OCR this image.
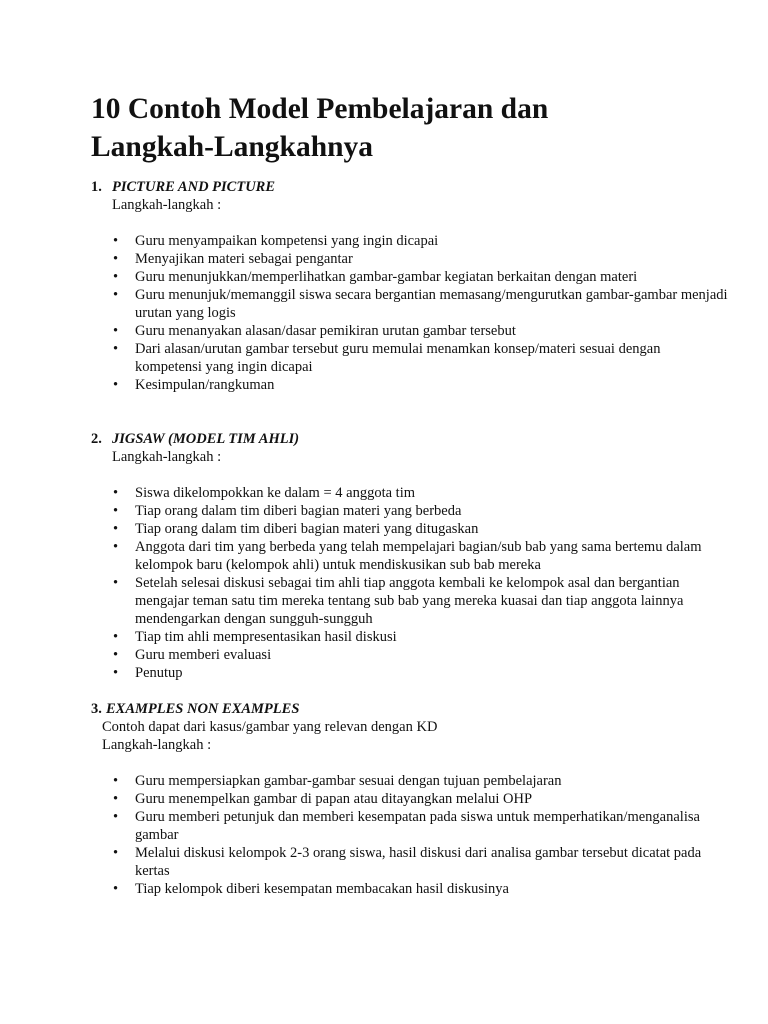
10 Contoh Model Pembelajaran dan Langkah-Langkahnya
1. PICTURE AND PICTURE

Langkah-langkah :

• Guru menyampaikan kompetensi yang ingin dicapai
• Menyajikan materi sebagai pengantar
• Guru menunjukkan/memperlihatkan gambar-gambar kegiatan berkaitan dengan materi
• Guru menunjuk/memanggil siswa secara bergantian memasang/mengurutkan gambar-gambar menjadi urutan yang logis
• Guru menanyakan alasan/dasar pemikiran urutan gambar tersebut
• Dari alasan/urutan gambar tersebut guru memulai menamkan konsep/materi sesuai dengan kompetensi yang ingin dicapai
• Kesimpulan/rangkuman
2. JIGSAW (MODEL TIM AHLI)

Langkah-langkah :

• Siswa dikelompokkan ke dalam = 4 anggota tim
• Tiap orang dalam tim diberi bagian materi yang berbeda
• Tiap orang dalam tim diberi bagian materi yang ditugaskan
• Anggota dari tim yang berbeda yang telah mempelajari bagian/sub bab yang sama bertemu dalam kelompok baru (kelompok ahli) untuk mendiskusikan sub bab mereka
• Setelah selesai diskusi sebagai tim ahli tiap anggota kembali ke kelompok asal dan bergantian mengajar teman satu tim mereka tentang sub bab yang mereka kuasai dan tiap anggota lainnya mendengarkan dengan sungguh-sungguh
• Tiap tim ahli mempresentasikan hasil diskusi
• Guru memberi evaluasi
• Penutup
3. EXAMPLES NON EXAMPLES

Contoh dapat dari kasus/gambar yang relevan dengan KD

Langkah-langkah :

• Guru mempersiapkan gambar-gambar sesuai dengan tujuan pembelajaran
• Guru menempelkan gambar di papan atau ditayangkan melalui OHP
• Guru memberi petunjuk dan memberi kesempatan pada siswa untuk memperhatikan/menganalisa gambar
• Melalui diskusi kelompok 2-3 orang siswa, hasil diskusi dari analisa gambar tersebut dicatat pada kertas
• Tiap kelompok diberi kesempatan membacakan hasil diskusinya
